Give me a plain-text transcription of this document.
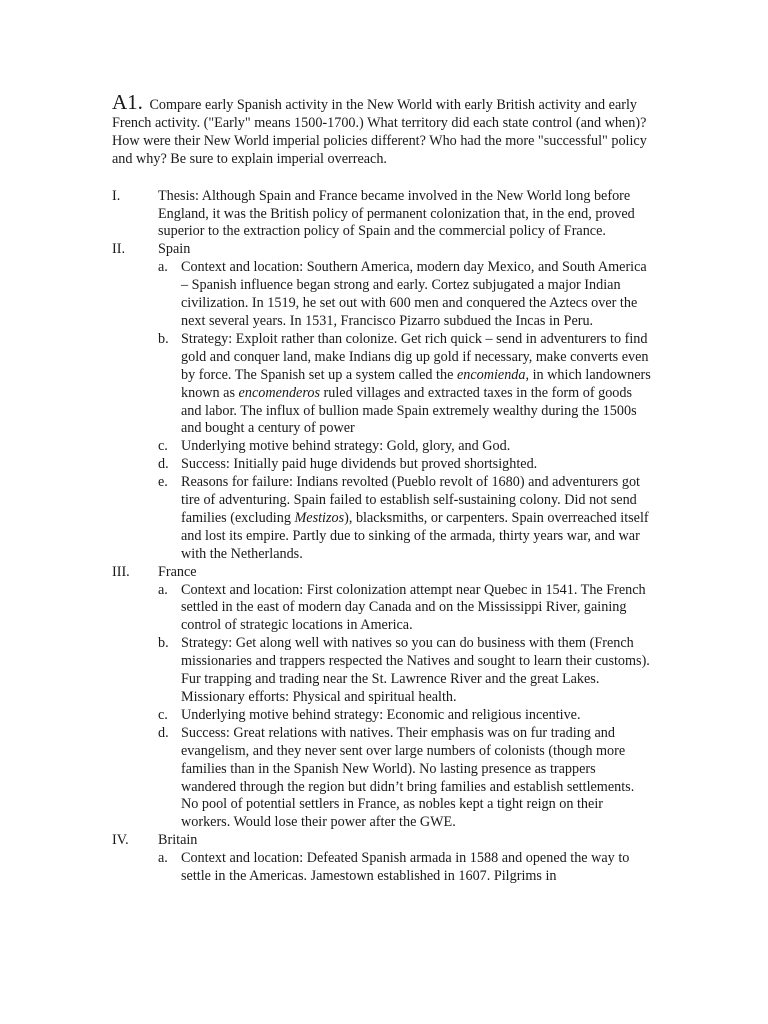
A1. Compare early Spanish activity in the New World with early British activity and early French activity. ("Early" means 1500-1700.) What territory did each state control (and when)? How were their New World imperial policies different? Who had the more "successful" policy and why? Be sure to explain imperial overreach.

I.	Thesis: Although Spain and France became involved in the New World long before England, it was the British policy of permanent colonization that, in the end, proved superior to the extraction policy of Spain and the commercial policy of France.
II. Spain
a. Context and location: Southern America, modern day Mexico, and South America – Spanish influence began strong and early. Cortez subjugated a major Indian civilization. In 1519, he set out with 600 men and conquered the Aztecs over the next several years. In 1531, Francisco Pizarro subdued the Incas in Peru.
b. Strategy: Exploit rather than colonize. Get rich quick – send in adventurers to find gold and conquer land, make Indians dig up gold if necessary, make converts even by force. The Spanish set up a system called the encomienda, in which landowners known as encomenderos ruled villages and extracted taxes in the form of goods and labor. The influx of bullion made Spain extremely wealthy during the 1500s and bought a century of power
c. Underlying motive behind strategy: Gold, glory, and God.
d. Success: Initially paid huge dividends but proved shortsighted.
e. Reasons for failure: Indians revolted (Pueblo revolt of 1680) and adventurers got tire of adventuring. Spain failed to establish self-sustaining colony. Did not send families (excluding Mestizos), blacksmiths, or carpenters. Spain overreached itself and lost its empire. Partly due to sinking of the armada, thirty years war, and war with the Netherlands.
III. France
a. Context and location: First colonization attempt near Quebec in 1541. The French settled in the east of modern day Canada and on the Mississippi River, gaining control of strategic locations in America.
b. Strategy: Get along well with natives so you can do business with them (French missionaries and trappers respected the Natives and sought to learn their customs). Fur trapping and trading near the St. Lawrence River and the great Lakes. Missionary efforts: Physical and spiritual health.
c. Underlying motive behind strategy: Economic and religious incentive.
d. Success: Great relations with natives. Their emphasis was on fur trading and evangelism, and they never sent over large numbers of colonists (though more families than in the Spanish New World). No lasting presence as trappers wandered through the region but didn’t bring families and establish settlements. No pool of potential settlers in France, as nobles kept a tight reign on their workers. Would lose their power after the GWE.
IV. Britain
a. Context and location: Defeated Spanish armada in 1588 and opened the way to settle in the Americas. Jamestown established in 1607. Pilgrims in
